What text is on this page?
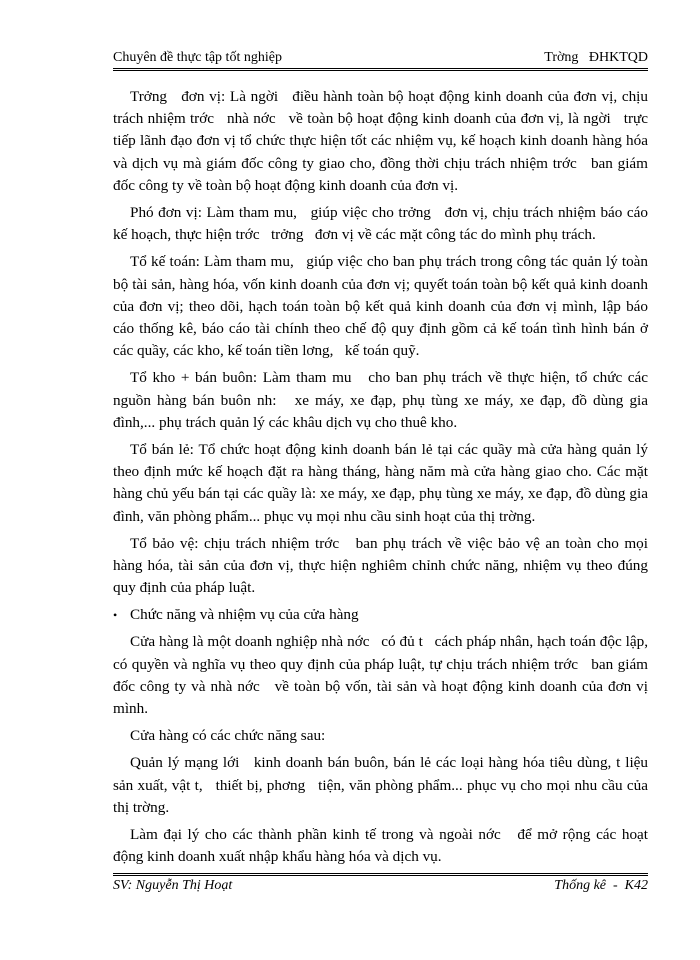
Chuyên đề thực tập tốt nghiệp	Trờng   ĐHKTQD

Trởng   đơn vị: Là ngời   điều hành toàn bộ hoạt động kinh doanh của đơn vị, chịu trách nhiệm trớc   nhà nớc   về toàn bộ hoạt động kinh doanh của đơn vị, là ngời   trực tiếp lãnh đạo đơn vị tổ chức thực hiện tốt các nhiệm vụ, kế hoạch kinh doanh hàng hóa và dịch vụ mà giám đốc công ty giao cho, đồng thời chịu trách nhiệm trớc   ban giám đốc công ty về toàn bộ hoạt động kinh doanh của đơn vị.

Phó đơn vị: Làm tham mu,   giúp việc cho trởng   đơn vị, chịu trách nhiệm báo cáo kế hoạch, thực hiện trớc   trởng   đơn vị về các mặt công tác do mình phụ trách.

Tổ kế toán: Làm tham mu,   giúp việc cho ban phụ trách trong công tác quản lý toàn bộ tài sản, hàng hóa, vốn kinh doanh của đơn vị; quyết toán toàn bộ kết quả kinh doanh của đơn vị; theo dõi, hạch toán toàn bộ kết quả kinh doanh của đơn vị mình, lập báo cáo thống kê, báo cáo tài chính theo chế độ quy định gồm cả kế toán tình hình bán ở các quầy, các kho, kế toán tiền lơng,   kế toán quỹ.

Tổ kho + bán buôn: Làm tham mu   cho ban phụ trách về thực hiện, tổ chức các nguồn hàng bán buôn nh:   xe máy, xe đạp, phụ tùng xe máy, xe đạp, đồ dùng gia đình,... phụ trách quản lý các khâu dịch vụ cho thuê kho.

Tổ bán lẻ: Tổ chức hoạt động kinh doanh bán lẻ tại các quầy mà cửa hàng quản lý theo định mức kế hoạch đặt ra hàng tháng, hàng năm mà cửa hàng giao cho. Các mặt hàng chủ yếu bán tại các quầy là: xe máy, xe đạp, phụ tùng xe máy, xe đạp, đồ dùng gia đình, văn phòng phẩm... phục vụ mọi nhu cầu sinh hoạt của thị trờng.

Tổ bảo vệ: chịu trách nhiệm trớc   ban phụ trách về việc bảo vệ an toàn cho mọi hàng hóa, tài sản của đơn vị, thực hiện nghiêm chỉnh chức năng, nhiệm vụ theo đúng quy định của pháp luật.

• Chức năng và nhiệm vụ của cửa hàng

Cửa hàng là một doanh nghiệp nhà nớc   có đủ t   cách pháp nhân, hạch toán độc lập, có quyền và nghĩa vụ theo quy định của pháp luật, tự chịu trách nhiệm trớc   ban giám đốc công ty và nhà nớc   về toàn bộ vốn, tài sản và hoạt động kinh doanh của đơn vị mình.

Cửa hàng có các chức năng sau:

Quản lý mạng lới   kinh doanh bán buôn, bán lẻ các loại hàng hóa tiêu dùng, t liệu sản xuất, vật t,   thiết bị, phơng   tiện, văn phòng phẩm... phục vụ cho mọi nhu cầu của thị trờng.

Làm đại lý cho các thành phần kinh tế trong và ngoài nớc   để mở rộng các hoạt động kinh doanh xuất nhập khẩu hàng hóa và dịch vụ.

SV: Nguyễn Thị Hoạt	Thống kê  -  K42
